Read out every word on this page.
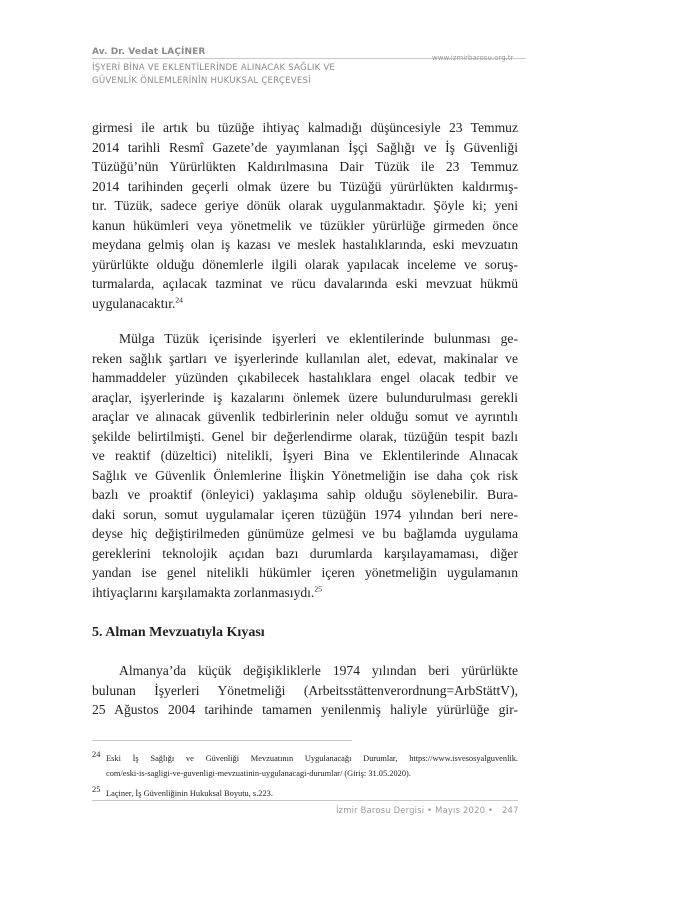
Av. Dr. Vedat LAÇİNER
www.izmirbarosu.org.tr
İŞYERİ BİNA VE EKLENTİLERİNDE ALINACAK SAĞLIK VE
GÜVENLİK ÖNLEMLERİNİN HUKUKSAL ÇERÇEVESİ
girmesi ile artık bu tüzüğe ihtiyaç kalmadığı düşüncesiyle 23 Temmuz
2014 tarihli Resmî Gazete’de yayımlanan İşçi Sağlığı ve İş Güvenliği
Tüzüğü’nün Yürürlükten Kaldırılmasına Dair Tüzük ile 23 Temmuz
2014 tarihinden geçerli olmak üzere bu Tüzüğü yürürlükten kaldırmış-
tır. Tüzük, sadece geriye dönük olarak uygulanmaktadır. Şöyle ki; yeni
kanun hükümleri veya yönetmelik ve tüzükler yürürlüğe girmeden önce
meydana gelmiş olan iş kazası ve meslek hastalıklarında, eski mevzuatın
yürürlükte olduğu dönemlerle ilgili olarak yapılacak inceleme ve soruş-
turmalarda, açılacak tazminat ve rücu davalarında eski mevzuat hükmü
uygulanacaktır.$^{24}$
Mülga Tüzük içerisinde işyerleri ve eklentilerinde bulunması ge-
reken sağlık şartları ve işyerlerinde kullanılan alet, edevat, makinalar ve
hammaddeler yüzünden çıkabilecek hastalıklara engel olacak tedbir ve
araçlar, işyerlerinde iş kazalarını önlemek üzere bulundurulması gerekli
araçlar ve alınacak güvenlik tedbirlerinin neler olduğu somut ve ayrıntılı
şekilde belirtilmişti. Genel bir değerlendirme olarak, tüzüğün tespit bazlı
ve reaktif (düzeltici) nitelikli, İşyeri Bina ve Eklentilerinde Alınacak
Sağlık ve Güvenlik Önlemlerine İlişkin Yönetmeliğin ise daha çok risk
bazlı ve proaktif (önleyici) yaklaşıma sahip olduğu söylenebilir. Bura-
daki sorun, somut uygulamalar içeren tüzüğün 1974 yılından beri nere-
deyse hiç değiştirilmeden günümüze gelmesi ve bu bağlamda uygulama
gereklerini teknolojik açıdan bazı durumlarda karşılayamaması, diğer
yandan ise genel nitelikli hükümler içeren yönetmeliğin uygulamanın
ihtiyaçlarını karşılamakta zorlanmasıydı.$^{25}$
5. Alman Mevzuatıyla Kıyası
Almanya’da küçük değişikliklerle 1974 yılından beri yürürlükte
bulunan İşyerleri Yönetmeliği (Arbeitsstättenverordnung=ArbStättV),
25 Ağustos 2004 tarihinde tamamen yenilenmiş haliyle yürürlüğe gir-
24 Eski İş Sağlığı ve Güvenliği Mevzuatının Uygulanacağı Durumlar, https://www.isvesosyalguvenlik.
com/eski-is-sagligi-ve-guvenligi-mevzuatinin-uygulanacagi-durumlar/ (Giriş: 31.05.2020).
25 Laçiner, İş Güvenliğinin Hukuksal Boyutu, s.223.
İzmir Barosu Dergisi • Mayıs 2020 • 247
